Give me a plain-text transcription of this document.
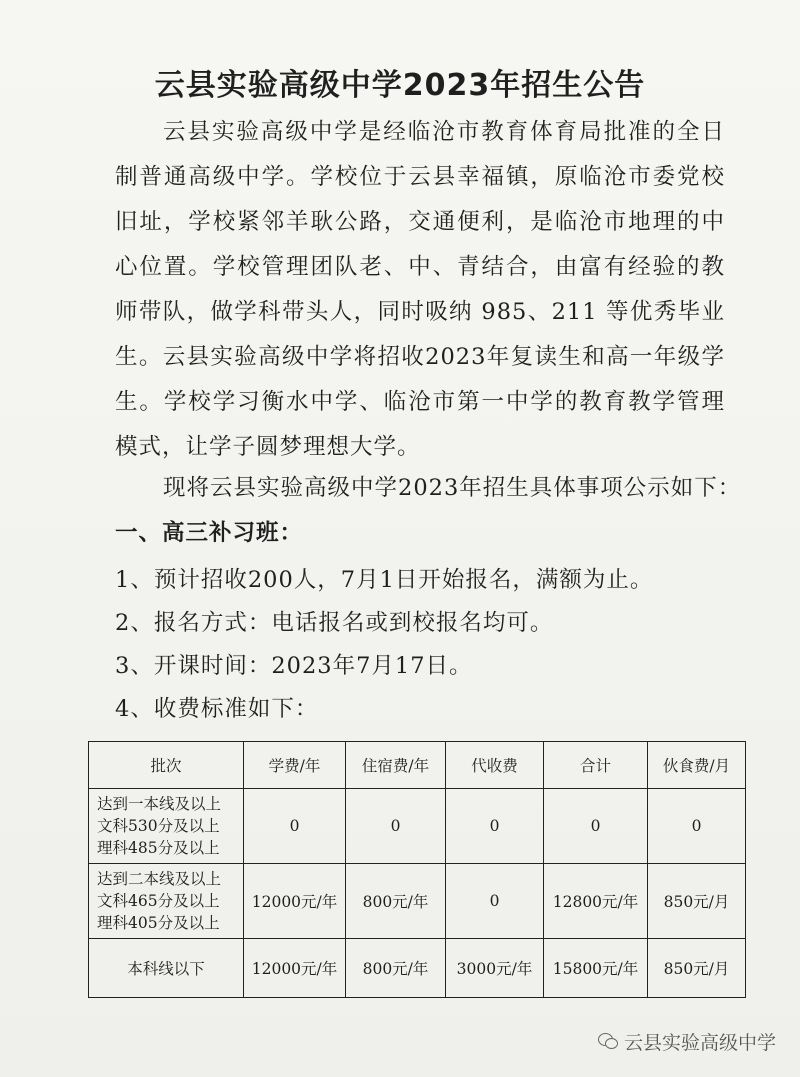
云县实验高级中学2023年招生公告
云县实验高级中学是经临沧市教育体育局批准的全日制普通高级中学。学校位于云县幸福镇，原临沧市委党校旧址，学校紧邻羊耿公路，交通便利，是临沧市地理的中心位置。学校管理团队老、中、青结合，由富有经验的教师带队，做学科带头人，同时吸纳 985、211 等优秀毕业生。云县实验高级中学将招收2023年复读生和高一年级学生。学校学习衡水中学、临沧市第一中学的教育教学管理模式，让学子圆梦理想大学。
现将云县实验高级中学2023年招生具体事项公示如下：
一、高三补习班：
1、预计招收200人，7月1日开始报名，满额为止。
2、报名方式：电话报名或到校报名均可。
3、开课时间：2023年7月17日。
4、收费标准如下：
批次	学费/年	住宿费/年	代收费	合计	伙食费/月
达到一本线及以上
文科530分及以上
理科485分及以上	0	0	0	0	0
达到二本线及以上
文科465分及以上
理科405分及以上	12000元/年	800元/年	0	12800元/年	850元/月
本科线以下	12000元/年	800元/年	3000元/年	15800元/年	850元/月
云县实验高级中学
